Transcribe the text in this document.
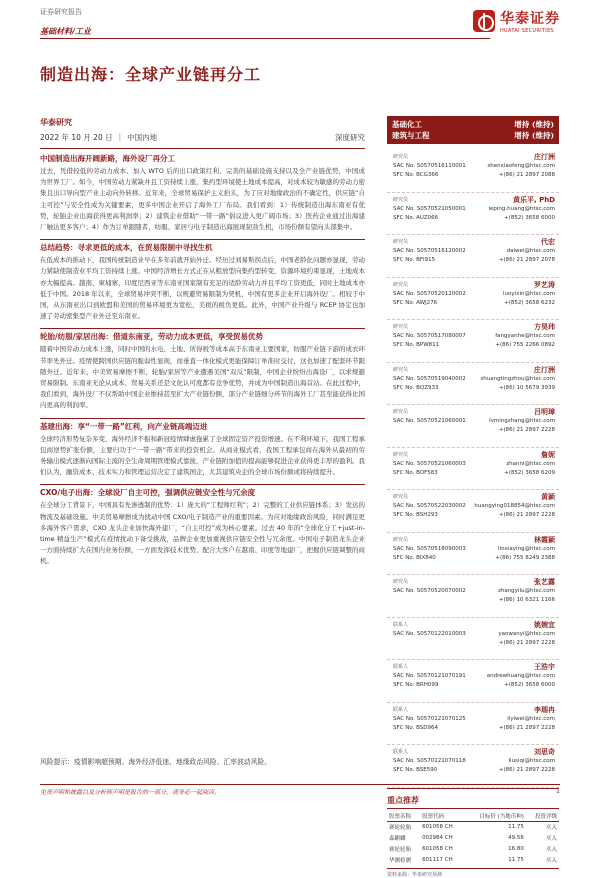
证券研究报告
基础材料/工业
华泰证券
HUATAI SECURITIES
制造出海：全球产业链再分工
华泰研究
2022 年 10 月 20 日 | 中国内地	深度研究
中国制造出海开阔新路，海外设厂再分工
过去，凭借较低的劳动力成本、加入 WTO 后的出口政策红利、完善的基础设施支持以及全产业链优势，中国成为世界工厂。如今，中国劳动力紧缺并且工资持续上涨，集约型环境使土地成本提高，对成本较为敏感的劳动力密集且出口导向型产业主动向外转移。近年来，全球贸易保护主义抬头，为了应对地缘政治的不确定性，供应链“自主可控”与安全性成为关键要素，更多中国企业开启了海外工厂布局。我们看到：1）传统制造出海东南亚有优势，轮胎企业出海获得更高利润率；2）建筑企业借助“一带一路”倡议进入更广阔市场；3）医药企业通过出海建厂触达更多客户；4）作为订单跟随者，纺服、家居与电子制造出海展现韧劲生机，市场份额有望向头部集中。
总结趋势：寻求更低的成本，在贸易限制中寻找生机
在低成本的推动下，我国传统制造业早在多年前就开始外迁。经历过刘易斯拐点后，中国老龄化问题亦显现，劳动力紧缺使制造业平均工资持续上涨。中国经济增长方式正在从粗放型向集约型转变，资源环境约束显现，土地成本亦大幅提高。越南、柬埔寨、印度尼西亚等东南亚国家制有充足的适龄劳动力并且平均工资更低，同时土地成本亦低于中国。2018 年以来，全球贸易冲突不断，以规避贸易限制为契机，中国有更多企业开启海外设厂。相较于中国，从东南亚出口到欧盟和美国的贸易环境更为宽松，美税的税负更低。此外，中国产业升级与 RCEP 协定也加速了劳动密集型产业外迁至东南亚。
轮胎/纺服/家居出海：借道东南亚，劳动力成本更低，享受贸易优势
随着中国劳动力成本上涨，同时中国的水电、土地、所得税等成本高于东南亚主要国家，纺服产业链下游的成衣环节率先外迁。疫情使跨国供应链的脆弱性显现，而垂直一体化模式更能保障订单准时交付，这也加速了配套环节跟随外迁。近年来，中美贸易摩擦不断，轮胎/家居等产业遭遇美国“双反”限制，中国企业纷纷出海设厂，以求规避贸易限制。东南亚无论从成本、贸易关系还是文化认可度都有竞争优势，并成为中国制造出海首站。在此过程中，我们看到，海外设厂不仅帮助中国企业维持甚至扩大产业链份额，部分产业链细分环节的海外工厂甚至能获得比国内更高的利润率。
基建出海：享“一带一路”红利，向产业链高端迈进
全球经济形势复杂多变，海外经济不振和新冠疫情肆虐拖累了全球固定资产投资增速。在不利环境下，我国工程承包商逆势扩张份额，主要归功于“一带一路”带来的投资机会。从商业模式看，我国工程承包商在海外从最初的劳务输出模式逐渐向国际主流的全生命周期管理模式靠拢，产业链附加值的提高能够促进企业获得更丰厚的盈利。我们认为，融资成本、技术实力和管理运营决定了建筑国企，尤其建筑央企的全球市场份额或将持续提升。
CXO/电子出海：全球设厂自主可控，强调供应链安全性与冗余度
在全球分工背景下，中国具有先渗透制的优势：1）庞大的“工程师红利”；2）完整的工业供应链体系；3）发达的物流及基础设施。中美贸易摩擦成为扰动中国 CXO/电子制造产业的重要因素。为应对地缘政治风险，同时满足更多海外客户需求，CXO 龙头企业加快海外建厂，“自主可控”成为核心要素。过去 40 年的“全球化分工+just-in-time 精益生产”模式在疫情扰动下备受挑战，品牌企业更加重视供应链安全性与冗余度。中国电子制造龙头企业一方面持续扩大在国内业务份额，一方面发挥技术优势，配合大客户在越南、印度等地建厂，把握供应链调整的商机。
风险提示：疫情影响超预期、海外经济低迷、地缘政治风险、汇率波动风险。
基础化工	增持 (维持)
建筑与工程	增持 (维持)
研究员	庄汀洲
SAC No. S0570516110001
SFC No. BCG366
shenxiaofeng@htsc.com
+(86) 21 2897 2088
研究员	黄乐平, PhD
SAC No. S0570521050001
SFC No. AUZ066
leping.huang@htsc.com
+(852) 3658 6000
研究员	代宏
SAC No. S0570516120002
SFC No. BFI915
daiwei@htsc.com
+(86) 21 2897 2078
研究员	罗艺涛
SAC No. S0570520120002
SFC No. AWJ276
luoyixin@htsc.com
+(852) 3658 6232
研究员	方昊玮
SAC No. S0570517080007
SFC No. BPW811
fangyanhe@htsc.com
+(86) 755 2266 0892
研究员	庄汀洲
SAC No. S0570519040002
SFC No. BQZ933
zhuangtingzhou@htsc.com
+(86) 10 5679 3939
研究员	吕明璋
SAC No. S0570521060001	lvmingzhang@htsc.com
+(86) 21 2897 2228
研究员	詹妮
SAC No. S0570521060003
SFC No. BOF583
zhanni@htsc.com
+(852) 3658 6209
研究员	黄颖
SAC No. S0570522030002
SFC No. BSH293
huangying018854@htsc.com
+(86) 21 2897 2228
研究员	林霞颖
SAC No. S0570518090003
SFC No. BIX840
linxiaying@htsc.com
+(86) 755 8249 2388
研究员	张艺露
SAC No. S0570520070002	zhangyilu@htsc.com
+(86) 10 6321 1166
联系人	姚婉宜
SAC No. S0570122010003	yaowanyi@htsc.com
+(86) 21 2897 2228
联系人	王浩宇
SAC No. S0570121070191
SFC No. BRH099
andrewhuang@htsc.com
+(852) 3658 6000
联系人	李瑞冉
SAC No. S0570121070125
SFC No. BSD964
liyiwei@htsc.com
+(86) 21 2897 2228
联系人	刘思奇
SAC No. S0570121070118
SFC No. BSE590
liusiqi@htsc.com
+(86) 21 2897 2228
重点推荐
股票名称	股票代码	目标价 (当地币种)	投资评级
赛轮轮胎	601058 CH	11.75	买入
森麒麟	002984 CH	49.56	买入
赛轮轮胎	601058 CH	16.80	买入
华测检测	601117 CH	11.75	买入
资料来源：华泰研究预测
免责声明和披露以及分析师声明是报告的一部分，请务必一起阅读。	1
